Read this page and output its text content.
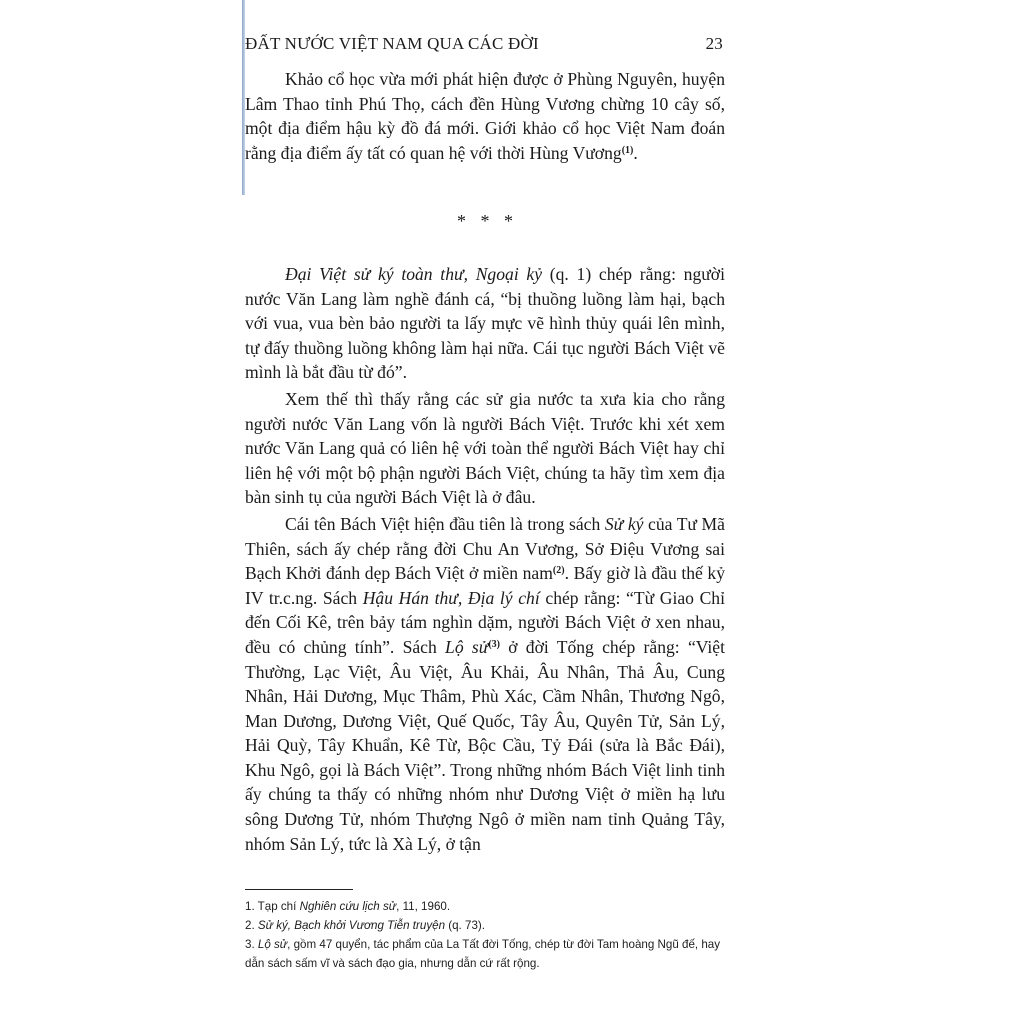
ĐẤT NƯỚC VIỆT NAM QUA CÁC ĐỜI	23

Khảo cổ học vừa mới phát hiện được ở Phùng Nguyên, huyện Lâm Thao tỉnh Phú Thọ, cách đền Hùng Vương chừng 10 cây số, một địa điểm hậu kỳ đồ đá mới. Giới khảo cổ học Việt Nam đoán rằng địa điểm ấy tất có quan hệ với thời Hùng Vương$^{(1)}$.

* * *

Đại Việt sử ký toàn thư, Ngoại kỷ (q. 1) chép rằng: người nước Văn Lang làm nghề đánh cá, “bị thuồng luồng làm hại, bạch với vua, vua bèn bảo người ta lấy mực vẽ hình thủy quái lên mình, tự đấy thuồng luồng không làm hại nữa. Cái tục người Bách Việt vẽ mình là bắt đầu từ đó”.

Xem thế thì thấy rằng các sử gia nước ta xưa kia cho rằng người nước Văn Lang vốn là người Bách Việt. Trước khi xét xem nước Văn Lang quả có liên hệ với toàn thể người Bách Việt hay chỉ liên hệ với một bộ phận người Bách Việt, chúng ta hãy tìm xem địa bàn sinh tụ của người Bách Việt là ở đâu.

Cái tên Bách Việt hiện đầu tiên là trong sách Sử ký của Tư Mã Thiên, sách ấy chép rằng đời Chu An Vương, Sở Điệu Vương sai Bạch Khởi đánh dẹp Bách Việt ở miền nam$^{(2)}$. Bấy giờ là đầu thế kỷ IV tr.c.ng. Sách Hậu Hán thư, Địa lý chí chép rằng: “Từ Giao Chỉ đến Cối Kê, trên bảy tám nghìn dặm, người Bách Việt ở xen nhau, đều có chủng tính”. Sách Lộ sử$^{(3)}$ ở đời Tống chép rằng: “Việt Thường, Lạc Việt, Âu Việt, Âu Khải, Âu Nhân, Thả Âu, Cung Nhân, Hải Dương, Mục Thâm, Phù Xác, Cầm Nhân, Thương Ngô, Man Dương, Dương Việt, Quế Quốc, Tây Âu, Quyên Tử, Sản Lý, Hải Quỳ, Tây Khuẩn, Kê Từ, Bộc Cầu, Tỷ Đái (sửa là Bắc Đái), Khu Ngô, gọi là Bách Việt”. Trong những nhóm Bách Việt linh tinh ấy chúng ta thấy có những nhóm như Dương Việt ở miền hạ lưu sông Dương Tử, nhóm Thượng Ngô ở miền nam tỉnh Quảng Tây, nhóm Sản Lý, tức là Xà Lý, ở tận

1. Tạp chí Nghiên cứu lịch sử, 11, 1960.

2. Sử ký, Bạch khởi Vương Tiễn truyện (q. 73).

3. Lộ sử, gồm 47 quyển, tác phẩm của La Tất đời Tống, chép từ đời Tam hoàng Ngũ đế, hay dẫn sách sấm vĩ và sách đạo gia, nhưng dẫn cứ rất rộng.
